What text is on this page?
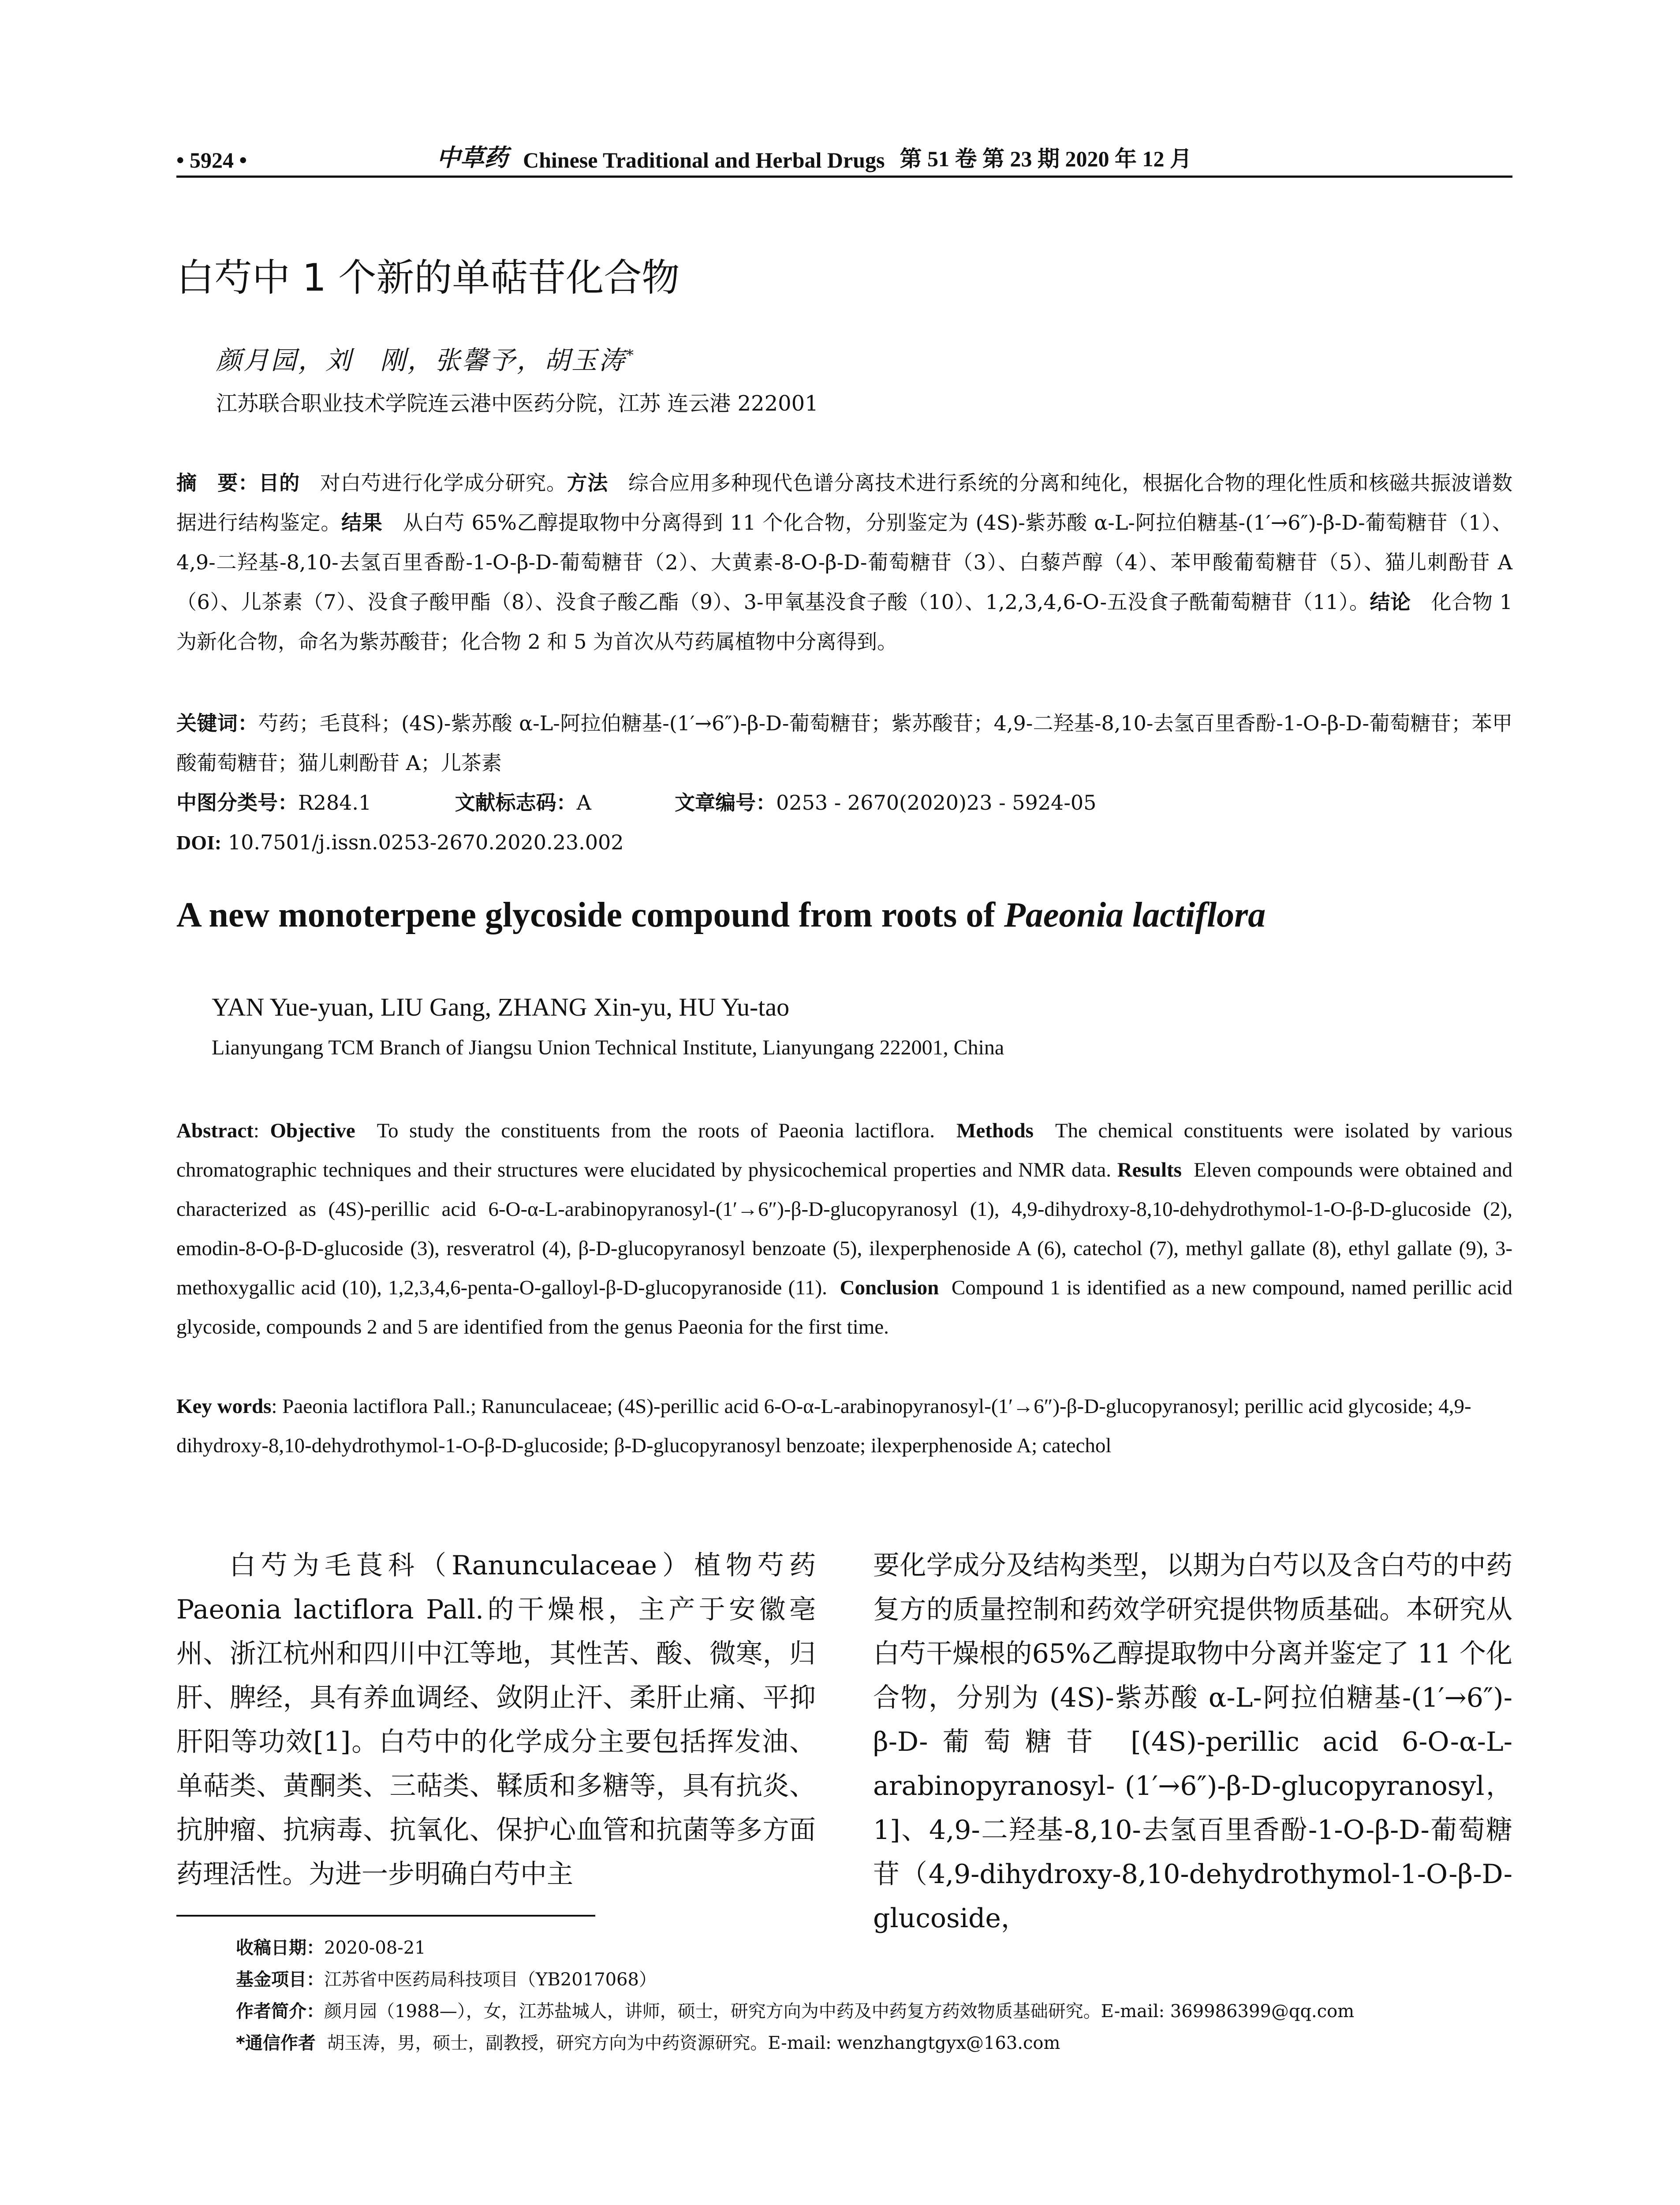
• 5924 •	中草药 Chinese Traditional and Herbal Drugs 第 51 卷 第 23 期 2020 年 12 月
白芍中 1 个新的单萜苷化合物
颜月园，刘　刚，张馨予，胡玉涛*
江苏联合职业技术学院连云港中医药分院，江苏 连云港 222001
摘　要：目的 对白芍进行化学成分研究。方法 综合应用多种现代色谱分离技术进行系统的分离和纯化，根据化合物的理化性质和核磁共振波谱数据进行结构鉴定。结果 从白芍 65%乙醇提取物中分离得到 11 个化合物，分别鉴定为 (4S)-紫苏酸 α-L-阿拉伯糖基-(1′→6″)-β-D-葡萄糖苷（1）、4,9-二羟基-8,10-去氢百里香酚-1-O-β-D-葡萄糖苷（2）、大黄素-8-O-β-D-葡萄糖苷（3）、白藜芦醇（4）、苯甲酸葡萄糖苷（5）、猫儿刺酚苷 A（6）、儿茶素（7）、没食子酸甲酯（8）、没食子酸乙酯（9）、3-甲氧基没食子酸（10）、1,2,3,4,6-O-五没食子酰葡萄糖苷（11）。结论 化合物 1 为新化合物，命名为紫苏酸苷；化合物 2 和 5 为首次从芍药属植物中分离得到。
关键词：芍药；毛茛科；(4S)-紫苏酸 α-L-阿拉伯糖基-(1′→6″)-β-D-葡萄糖苷；紫苏酸苷；4,9-二羟基-8,10-去氢百里香酚-1-O-β-D-葡萄糖苷；苯甲酸葡萄糖苷；猫儿刺酚苷 A；儿茶素
中图分类号：R284.1	文献标志码：A	文章编号：0253 - 2670(2020)23 - 5924-05
DOI: 10.7501/j.issn.0253-2670.2020.23.002
A new monoterpene glycoside compound from roots of Paeonia lactiflora
YAN Yue-yuan, LIU Gang, ZHANG Xin-yu, HU Yu-tao
Lianyungang TCM Branch of Jiangsu Union Technical Institute, Lianyungang 222001, China
Abstract: Objective To study the constituents from the roots of Paeonia lactiflora. Methods The chemical constituents were isolated by various chromatographic techniques and their structures were elucidated by physicochemical properties and NMR data. Results Eleven compounds were obtained and characterized as (4S)-perillic acid 6-O-α-L-arabinopyranosyl-(1′→6″)-β-D-glucopyranosyl (1), 4,9-dihydroxy-8,10-dehydrothymol-1-O-β-D-glucoside (2), emodin-8-O-β-D-glucoside (3), resveratrol (4), β-D-glucopyranosyl benzoate (5), ilexperphenoside A (6), catechol (7), methyl gallate (8), ethyl gallate (9), 3-methoxygallic acid (10), 1,2,3,4,6-penta-O-galloyl-β-D-glucopyranoside (11). Conclusion Compound 1 is identified as a new compound, named perillic acid glycoside, compounds 2 and 5 are identified from the genus Paeonia for the first time.
Key words: Paeonia lactiflora Pall.; Ranunculaceae; (4S)-perillic acid 6-O-α-L-arabinopyranosyl-(1′→6″)-β-D-glucopyranosyl; perillic acid glycoside; 4,9-dihydroxy-8,10-dehydrothymol-1-O-β-D-glucoside; β-D-glucopyranosyl benzoate; ilexperphenoside A; catechol
白芍为毛茛科（Ranunculaceae）植物芍药 Paeonia lactiflora Pall.的干燥根，主产于安徽亳州、浙江杭州和四川中江等地，其性苦、酸、微寒，归肝、脾经，具有养血调经、敛阴止汗、柔肝止痛、平抑肝阳等功效[1]。白芍中的化学成分主要包括挥发油、单萜类、黄酮类、三萜类、鞣质和多糖等，具有抗炎、抗肿瘤、抗病毒、抗氧化、保护心血管和抗菌等多方面药理活性。为进一步明确白芍中主
要化学成分及结构类型，以期为白芍以及含白芍的中药复方的质量控制和药效学研究提供物质基础。本研究从白芍干燥根的65%乙醇提取物中分离并鉴定了 11 个化合物，分别为 (4S)-紫苏酸 α-L-阿拉伯糖基-(1′→6″)-β-D-葡萄糖苷 [(4S)-perillic acid 6-O-α-L-arabinopyranosyl- (1′→6″)-β-D-glucopyranosyl，1]、4,9-二羟基-8,10-去氢百里香酚-1-O-β-D-葡萄糖苷（4,9-dihydroxy-8,10-dehydrothymol-1-O-β-D-glucoside，
收稿日期：2020-08-21
基金项目：江苏省中医药局科技项目（YB2017068）
作者简介：颜月园（1988—），女，江苏盐城人，讲师，硕士，研究方向为中药及中药复方药效物质基础研究。E-mail: 369986399@qq.com
*通信作者 胡玉涛，男，硕士，副教授，研究方向为中药资源研究。E-mail: wenzhangtgyx@163.com
